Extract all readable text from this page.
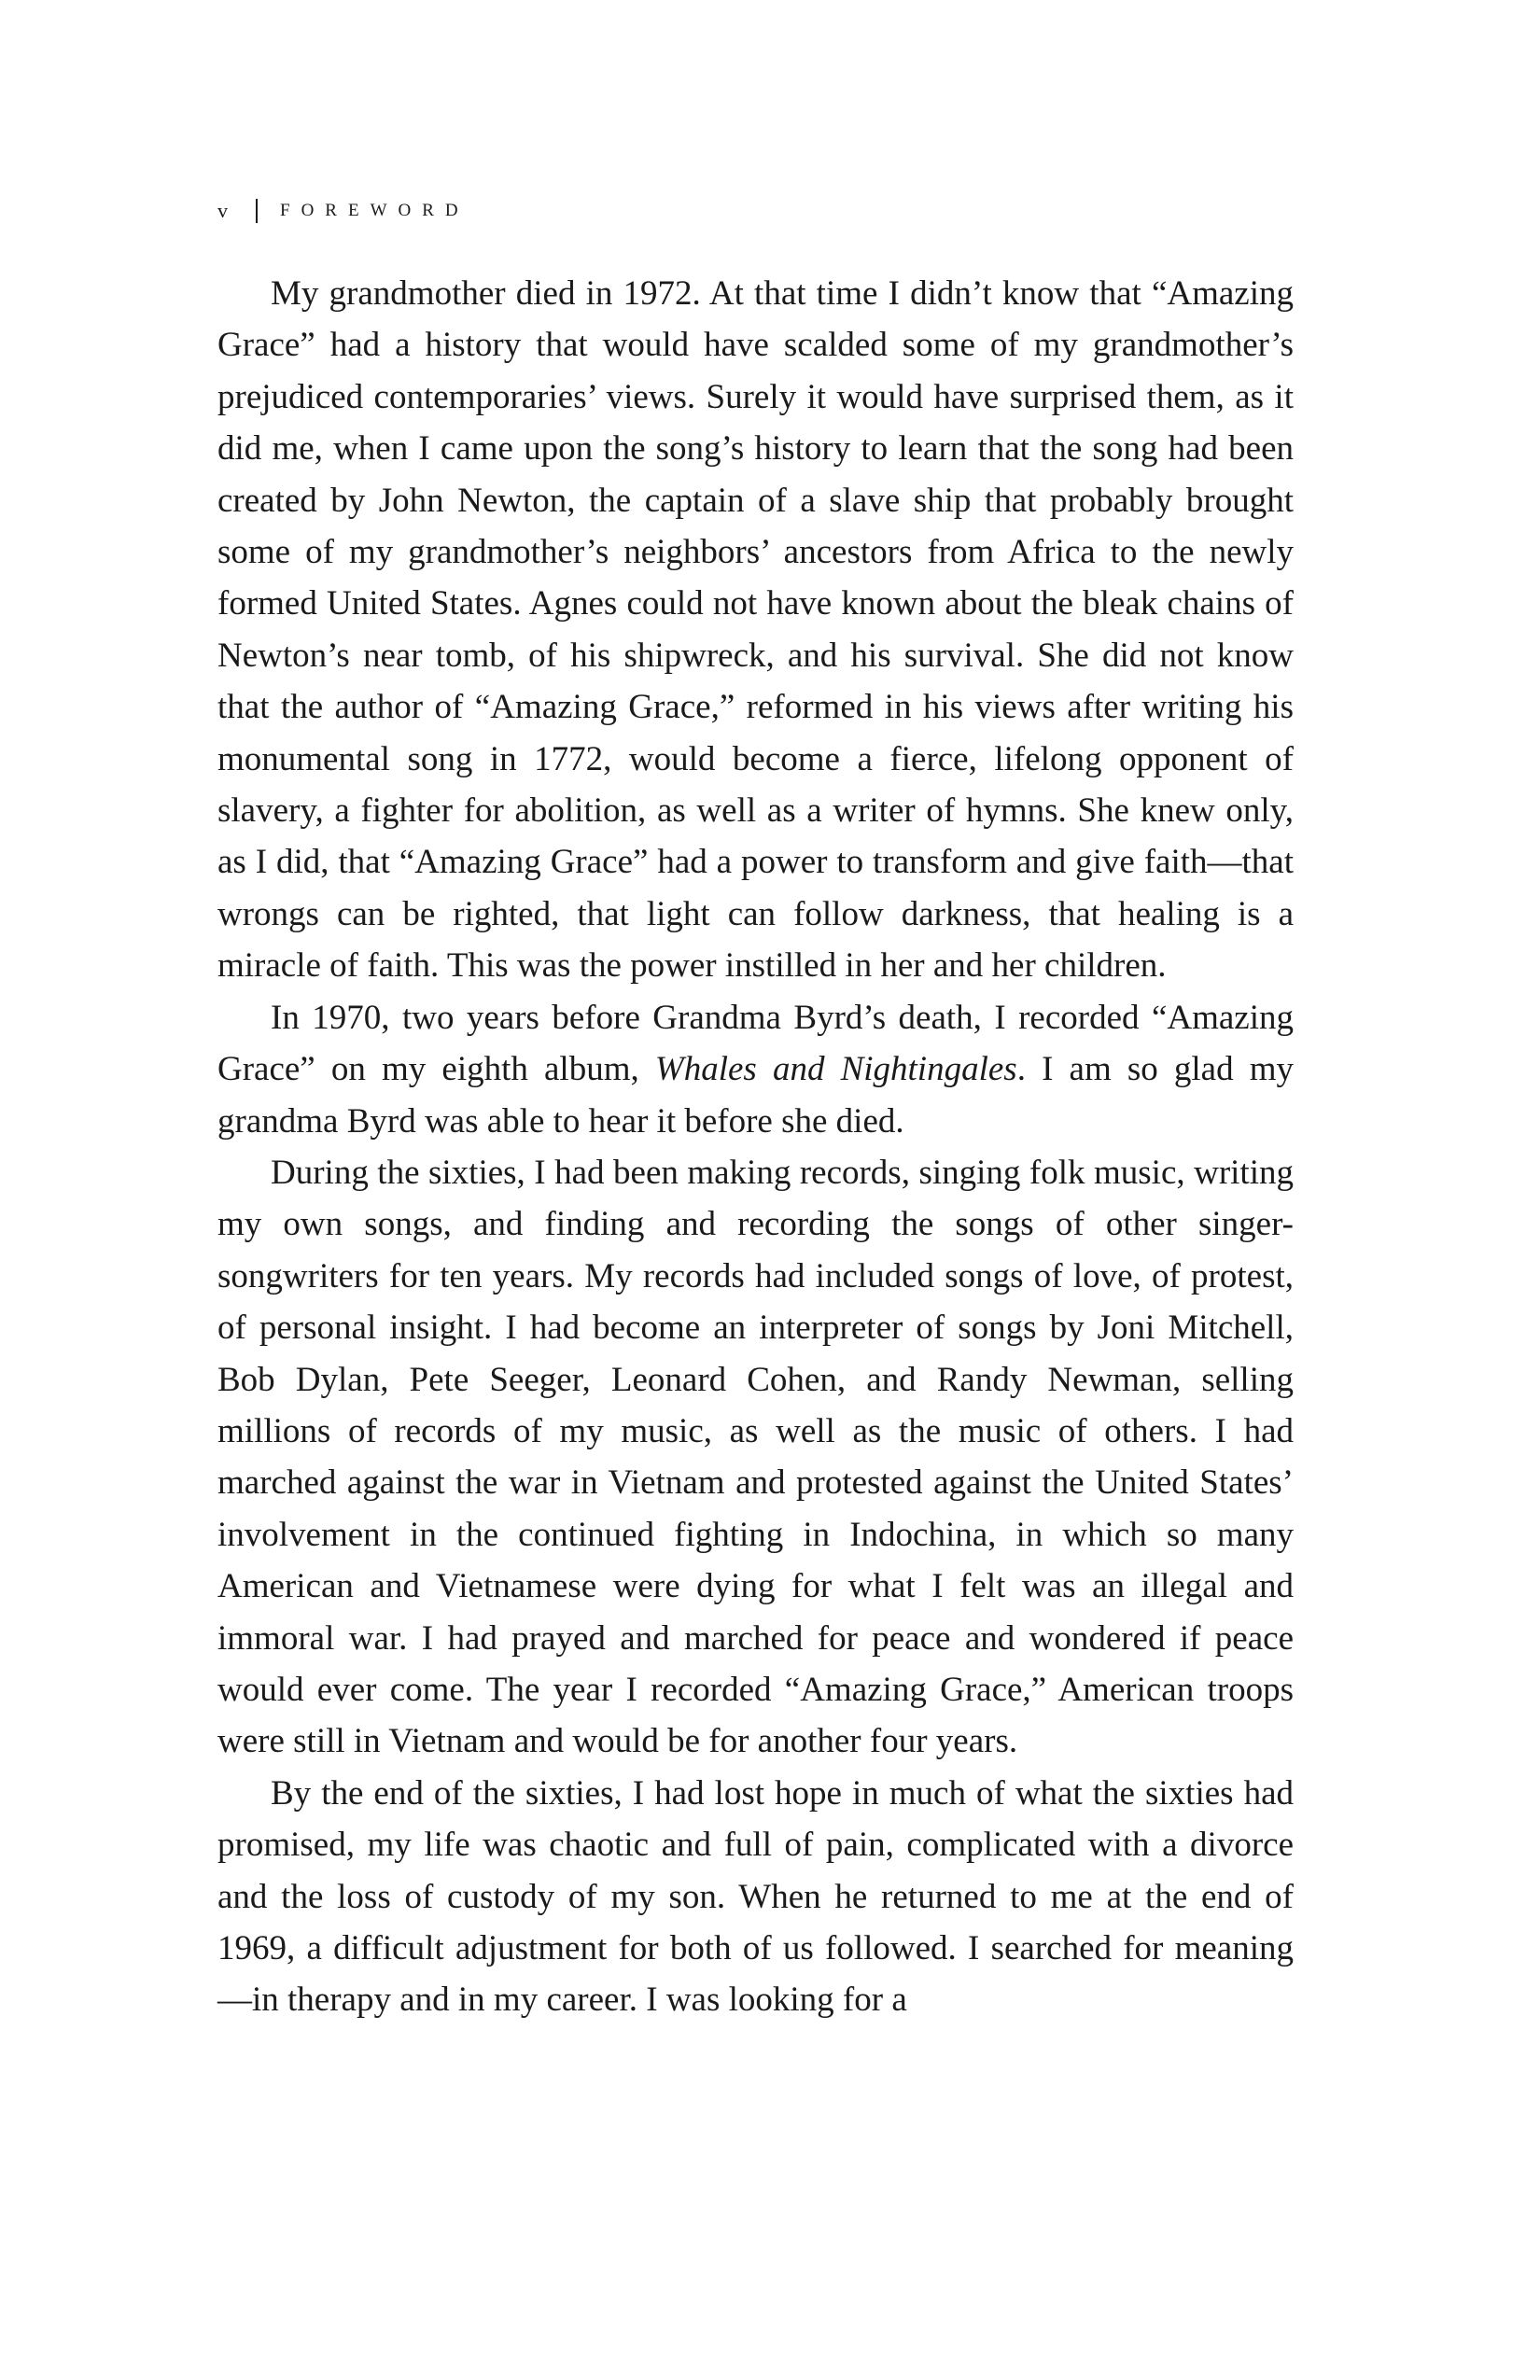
v	FOREWORD

My grandmother died in 1972. At that time I didn’t know that “Amazing Grace” had a history that would have scalded some of my grandmother’s prejudiced contemporaries’ views. Surely it would have surprised them, as it did me, when I came upon the song’s history to learn that the song had been created by John Newton, the captain of a slave ship that probably brought some of my grandmother’s neighbors’ ancestors from Africa to the newly formed United States. Agnes could not have known about the bleak chains of Newton’s near tomb, of his shipwreck, and his survival. She did not know that the author of “Amazing Grace,” reformed in his views after writing his monumental song in 1772, would become a fierce, lifelong opponent of slavery, a fighter for abolition, as well as a writer of hymns. She knew only, as I did, that “Amazing Grace” had a power to transform and give faith—that wrongs can be righted, that light can follow darkness, that healing is a miracle of faith. This was the power instilled in her and her children.

In 1970, two years before Grandma Byrd’s death, I recorded “Amazing Grace” on my eighth album, Whales and Nightingales. I am so glad my grandma Byrd was able to hear it before she died.

During the sixties, I had been making records, singing folk music, writing my own songs, and finding and recording the songs of other singer-songwriters for ten years. My records had included songs of love, of protest, of personal insight. I had become an interpreter of songs by Joni Mitchell, Bob Dylan, Pete Seeger, Leonard Cohen, and Randy Newman, selling millions of records of my music, as well as the music of others. I had marched against the war in Vietnam and protested against the United States’ involvement in the continued fighting in Indochina, in which so many American and Vietnamese were dying for what I felt was an illegal and immoral war. I had prayed and marched for peace and wondered if peace would ever come. The year I recorded “Amazing Grace,” American troops were still in Vietnam and would be for another four years.

By the end of the sixties, I had lost hope in much of what the sixties had promised, my life was chaotic and full of pain, complicated with a divorce and the loss of custody of my son. When he returned to me at the end of 1969, a difficult adjustment for both of us followed. I searched for meaning—in therapy and in my career. I was looking for a
